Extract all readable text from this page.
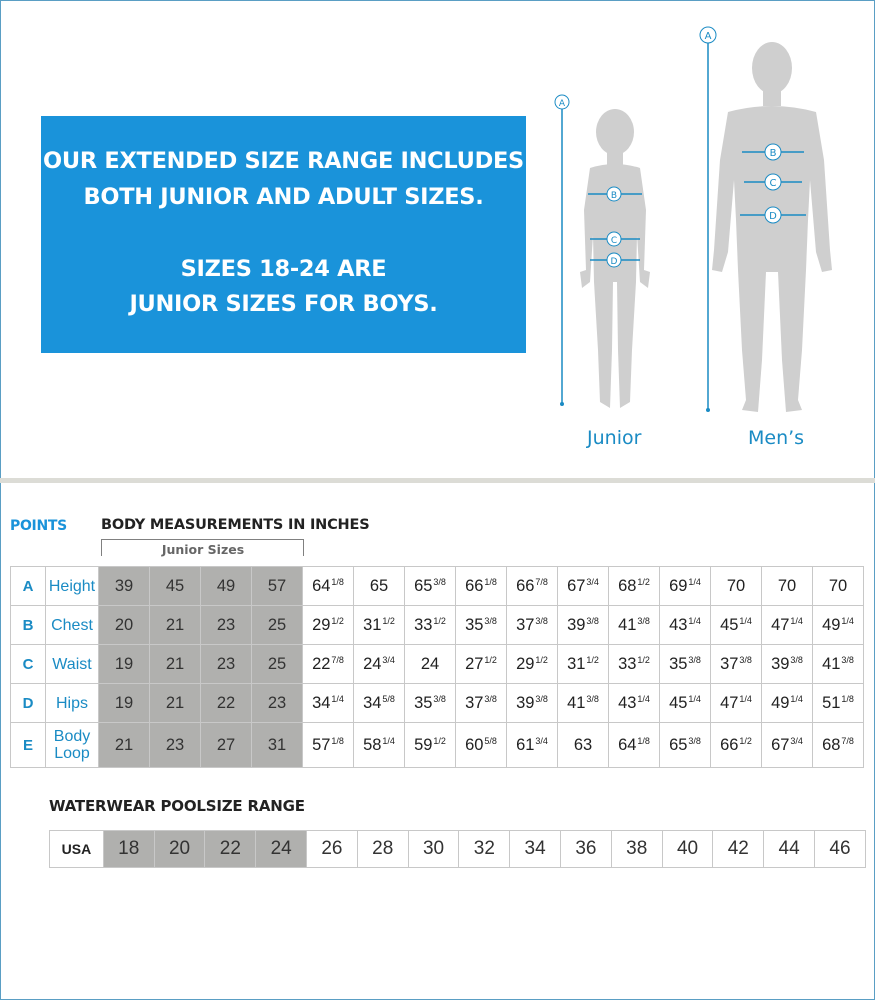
OUR EXTENDED SIZE RANGE INCLUDES
BOTH JUNIOR AND ADULT SIZES.
SIZES 18-24 ARE
JUNIOR SIZES FOR BOYS.
A
B
C
D
A
B
C
D
Junior	Men’s
POINTS BODY MEASUREMENTS IN INCHES
Junior Sizes
A	Height	39	45	49	57	$64^{1/8}$	65	$65^{3/8}$	$66^{1/8}$	$66^{7/8}$	$67^{3/4}$	$68^{1/2}$	$69^{1/4}$	70	70	70
B	Chest	20	21	23	25	$29^{1/2}$	$31^{1/2}$	$33^{1/2}$	$35^{3/8}$	$37^{3/8}$	$39^{3/8}$	$41^{3/8}$	$43^{1/4}$	$45^{1/4}$	$47^{1/4}$	$49^{1/4}$
C	Waist	19	21	23	25	$22^{7/8}$	$24^{3/4}$	24	$27^{1/2}$	$29^{1/2}$	$31^{1/2}$	$33^{1/2}$	$35^{3/8}$	$37^{3/8}$	$39^{3/8}$	$41^{3/8}$
D	Hips	19	21	22	23	$34^{1/4}$	$34^{5/8}$	$35^{3/8}$	$37^{3/8}$	$39^{3/8}$	$41^{3/8}$	$43^{1/4}$	$45^{1/4}$	$47^{1/4}$	$49^{1/4}$	$51^{1/8}$
E	Body Loop	21	23	27	31	$57^{1/8}$	$58^{1/4}$	$59^{1/2}$	$60^{5/8}$	$61^{3/4}$	63	$64^{1/8}$	$65^{3/8}$	$66^{1/2}$	$67^{3/4}$	$68^{7/8}$
WATERWEAR POOLSIZE RANGE
USA	18	20	22	24	26	28	30	32	34	36	38	40	42	44	46
